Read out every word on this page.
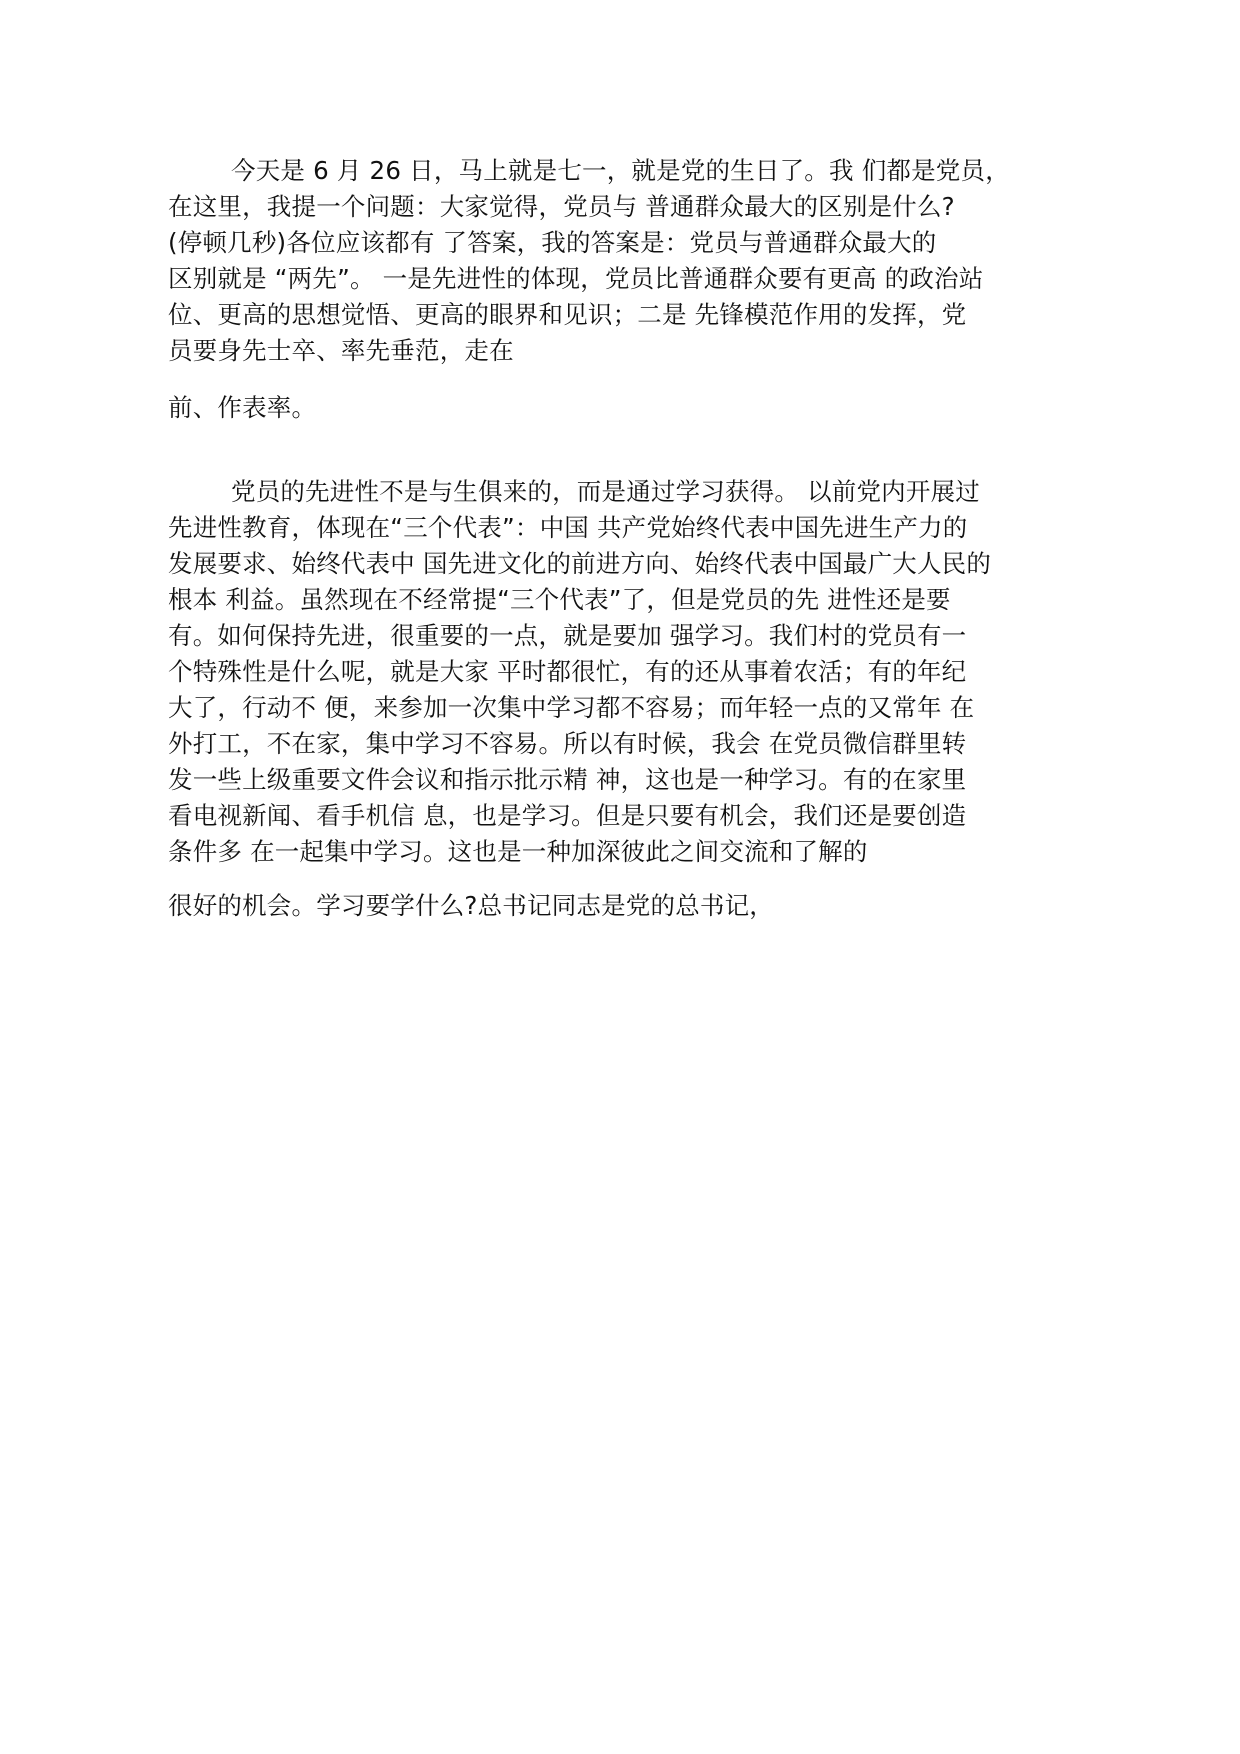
今天是 6 月 26 日，马上就是七一，就是党的生日了。我 们都是党员，

在这里，我提一个问题：大家觉得，党员与 普通群众最大的区别是什么?

(停顿几秒)各位应该都有 了答案，我的答案是：党员与普通群众最大的

区别就是 “两先”。 一是先进性的体现，党员比普通群众要有更高 的政治站

位、更高的思想觉悟、更高的眼界和见识；二是 先锋模范作用的发挥，党

员要身先士卒、率先垂范，走在

前、作表率。

党员的先进性不是与生俱来的，而是通过学习获得。 以前党内开展过

先进性教育，体现在“三个代表”：中国 共产党始终代表中国先进生产力的

发展要求、始终代表中 国先进文化的前进方向、始终代表中国最广大人民的

根本 利益。虽然现在不经常提“三个代表”了，但是党员的先 进性还是要

有。如何保持先进，很重要的一点，就是要加 强学习。我们村的党员有一

个特殊性是什么呢，就是大家 平时都很忙，有的还从事着农活；有的年纪

大了，行动不 便，来参加一次集中学习都不容易；而年轻一点的又常年 在

外打工，不在家，集中学习不容易。所以有时候，我会 在党员微信群里转

发一些上级重要文件会议和指示批示精 神，这也是一种学习。有的在家里

看电视新闻、看手机信 息，也是学习。但是只要有机会，我们还是要创造

条件多 在一起集中学习。这也是一种加深彼此之间交流和了解的

很好的机会。学习要学什么?总书记同志是党的总书记，
